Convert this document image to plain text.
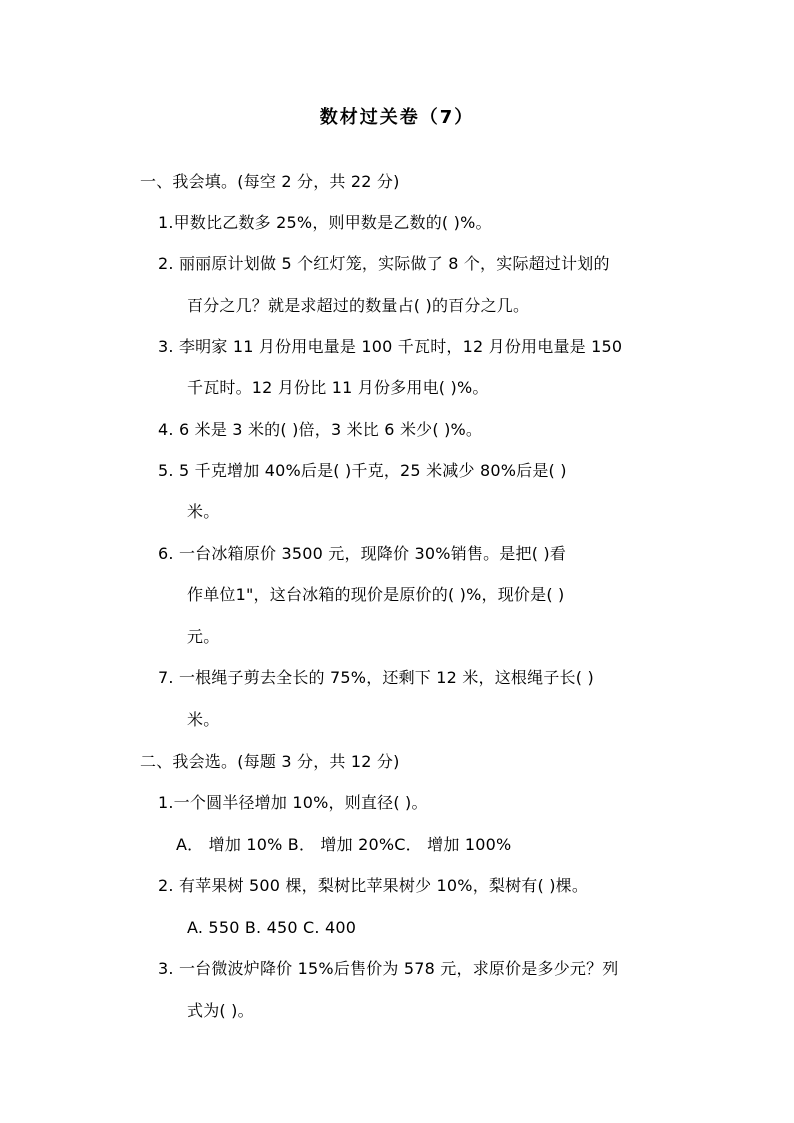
数材过关卷（7）
一、我会填。(每空 2 分，共 22 分)
1.甲数比乙数多 25%，则甲数是乙数的( )%。
2. 丽丽原计划做 5 个红灯笼，实际做了 8 个，实际超过计划的
百分之几？就是求超过的数量占( )的百分之几。
3. 李明家 11 月份用电量是 100 千瓦时，12 月份用电量是 150
千瓦时。12 月份比 11 月份多用电( )%。
4. 6 米是 3 米的( )倍，3 米比 6 米少( )%。
5. 5 千克增加 40%后是( )千克，25 米减少 80%后是( )
米。
6. 一台冰箱原价 3500 元，现降价 30%销售。是把( )看
作单位1"，这台冰箱的现价是原价的( )%，现价是( )
元。
7. 一根绳子剪去全长的 75%，还剩下 12 米，这根绳子长( )
米。
二、我会选。(每题 3 分，共 12 分)
1.一个圆半径增加 10%，则直径( )。
A． 增加 10% B． 增加 20%C． 增加 100%
2. 有苹果树 500 棵，梨树比苹果树少 10%，梨树有( )棵。
A. 550 B. 450 C. 400
3. 一台微波炉降价 15%后售价为 578 元，求原价是多少元？列
式为( )。
